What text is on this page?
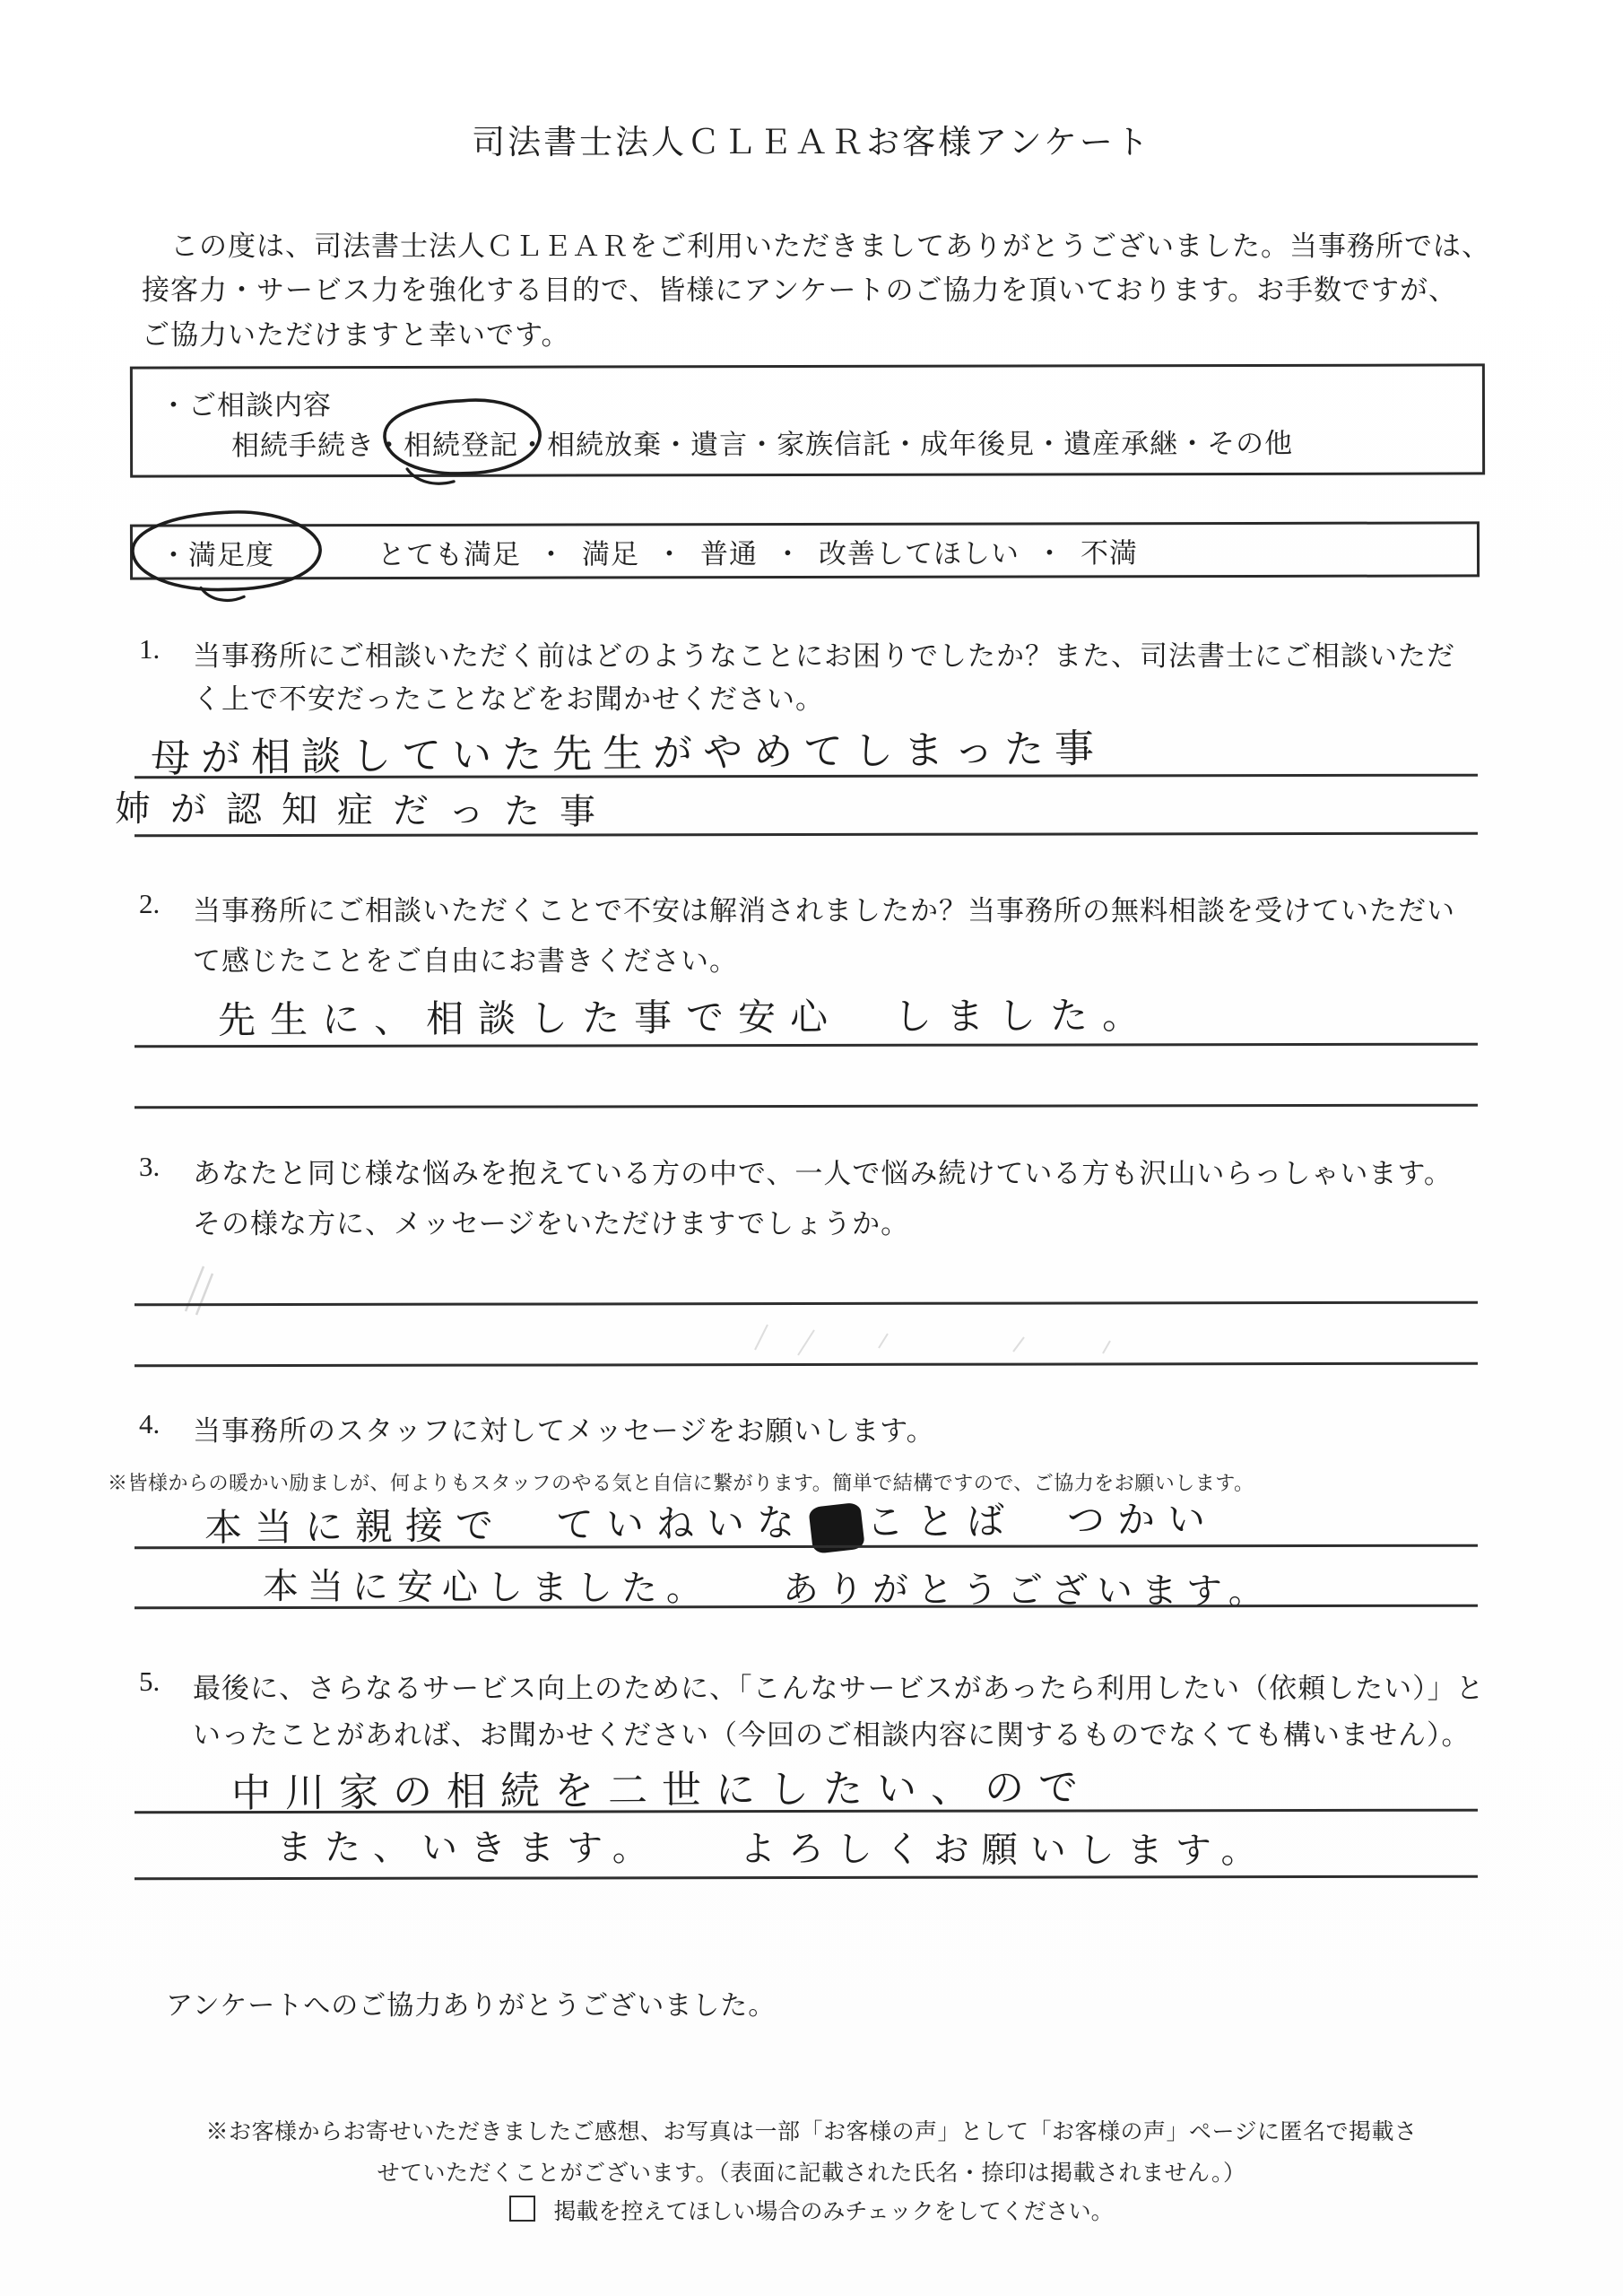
司法書士法人ＣＬＥＡＲお客様アンケート
　この度は、司法書士法人ＣＬＥＡＲをご利用いただきましてありがとうございました。当事務所では、
接客力・サービス力を強化する目的で、皆様にアンケートのご協力を頂いております。お手数ですが、
ご協力いただけますと幸いです。
・ご相談内容
相続手続き・相続登記
・相続放棄・遺言・家族信託・成年後見・遺産承継・その他
・満足度	とても満足 ・ 満足 ・ 普通 ・ 改善してほしい ・ 不満
1. 当事務所にご相談いただく前はどのようなことにお困りでしたか？また、司法書士にご相談いただ
く上で不安だったことなどをお聞かせください。
母が相談していた先生がやめてしまった事
姉が認知症だった事
2. 当事務所にご相談いただくことで不安は解消されましたか？当事務所の無料相談を受けていただい
て感じたことをご自由にお書きください。
先生に、相談した事で安心　しました。
3. あなたと同じ様な悩みを抱えている方の中で、一人で悩み続けている方も沢山いらっしゃいます。
その様な方に、メッセージをいただけますでしょうか。
4. 当事務所のスタッフに対してメッセージをお願いします。
※皆様からの暖かい励ましが、何よりもスタッフのやる気と自信に繋がります。簡単で結構ですので、ご協力をお願いします。
本当に親接で　ていねいな ことば　つかい
本当に安心しました。　　ありがとうございます。
5. 最後に、さらなるサービス向上のために、「こんなサービスがあったら利用したい（依頼したい）」と
いったことがあれば、お聞かせください（今回のご相談内容に関するものでなくても構いません）。
中川家の相続を二世にしたい、ので
また、いきます。　　よろしくお願いします。
アンケートへのご協力ありがとうございました。
※お客様からお寄せいただきましたご感想、お写真は一部「お客様の声」として「お客様の声」ページに匿名で掲載さ
せていただくことがございます。（表面に記載された氏名・捺印は掲載されません。）
掲載を控えてほしい場合のみチェックをしてください。
